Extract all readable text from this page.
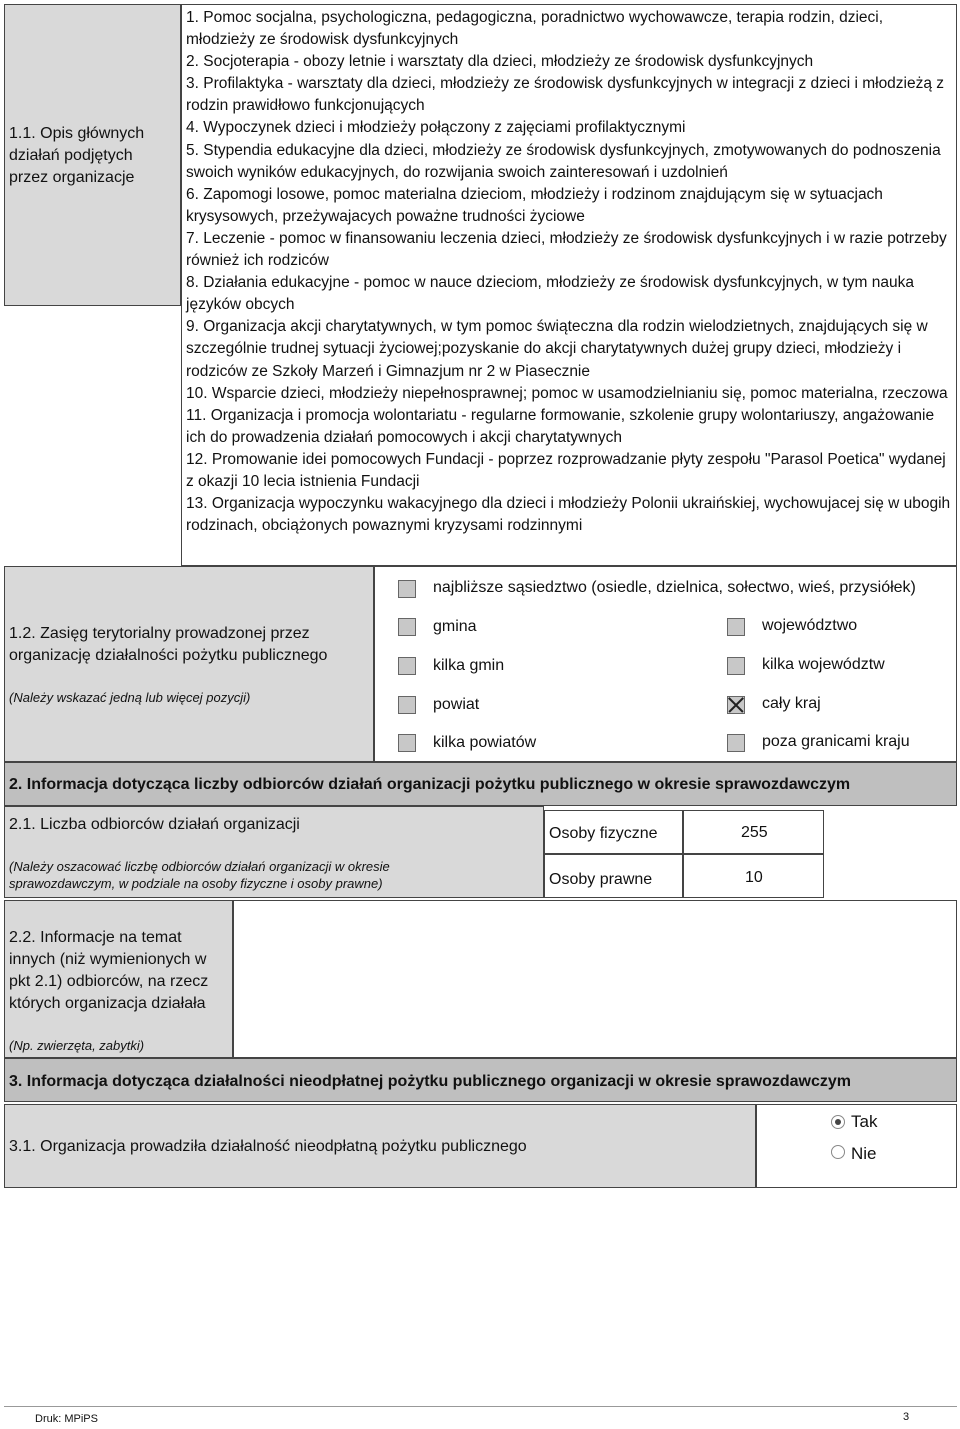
1.1. Opis głównych działań podjętych przez organizacje
1. Pomoc socjalna, psychologiczna, pedagogiczna, poradnictwo wychowawcze, terapia rodzin, dzieci, młodzieży ze środowisk dysfunkcyjnych
2. Socjoterapia - obozy letnie i warsztaty dla dzieci, młodzieży ze środowisk dysfunkcyjnych
3. Profilaktyka - warsztaty dla dzieci, młodzieży ze środowisk dysfunkcyjnych w integracji z dzieci i młodzieżą z rodzin prawidłowo funkcjonujących
4. Wypoczynek dzieci i młodzieży połączony z zajęciami profilaktycznymi
5. Stypendia edukacyjne dla dzieci, młodzieży ze środowisk dysfunkcyjnych, zmotywowanych do podnoszenia swoich wyników edukacyjnych, do rozwijania swoich zainteresowań i uzdolnień
6. Zapomogi losowe, pomoc materialna dzieciom, młodzieży i rodzinom znajdującym się w sytuacjach krysysowych, przeżywajacych poważne trudności życiowe
7. Leczenie - pomoc w finansowaniu leczenia dzieci, młodzieży ze środowisk dysfunkcyjnych i w razie potrzeby również ich rodziców
8. Działania edukacyjne - pomoc w nauce dzieciom, młodzieży ze środowisk dysfunkcyjnych, w tym nauka języków obcych
9. Organizacja akcji charytatywnych, w tym pomoc świąteczna dla rodzin wielodzietnych, znajdujących się w szczególnie trudnej sytuacji życiowej;pozyskanie do akcji charytatywnych dużej grupy dzieci, młodzieży i rodziców ze Szkoły Marzeń i Gimnazjum nr 2 w Piasecznie
10. Wsparcie dzieci, młodzieży niepełnosprawnej; pomoc w usamodzielnianiu się, pomoc materialna, rzeczowa
11. Organizacja i promocja wolontariatu - regularne formowanie, szkolenie grupy wolontariuszy, angażowanie ich do prowadzenia działań pomocowych i akcji charytatywnych
12. Promowanie idei pomocowych Fundacji - poprzez rozprowadzanie płyty zespołu "Parasol Poetica" wydanej z okazji 10 lecia istnienia Fundacji
13. Organizacja wypoczynku wakacyjnego dla dzieci i młodzieży Polonii ukraińskiej, wychowujacej się w ubogih rodzinach, obciążonych powaznymi kryzysami rodzinnymi
1.2. Zasięg terytorialny prowadzonej przez organizację działalności pożytku publicznego
(Należy wskazać jedną lub więcej pozycji)
najbliższe sąsiedztwo (osiedle, dzielnica, sołectwo, wieś, przysiółek)
gmina
kilka gmin
powiat
kilka powiatów
województwo
kilka województw
cały kraj
poza granicami kraju
2. Informacja dotycząca liczby odbiorców działań organizacji pożytku publicznego w okresie sprawozdawczym
2.1. Liczba odbiorców działań organizacji
(Należy oszacować liczbę odbiorców działań organizacji w okresie sprawozdawczym, w podziale na osoby fizyczne i osoby prawne)
Osoby fizyczne	255
Osoby prawne	10
2.2. Informacje na temat innych (niż wymienionych w pkt 2.1) odbiorców, na rzecz których organizacja działała
(Np. zwierzęta, zabytki)
3. Informacja dotycząca działalności nieodpłatnej pożytku publicznego organizacji w okresie sprawozdawczym
3.1. Organizacja prowadziła działalność nieodpłatną pożytku publicznego
Tak
Nie
Druk: MPiPS	3
